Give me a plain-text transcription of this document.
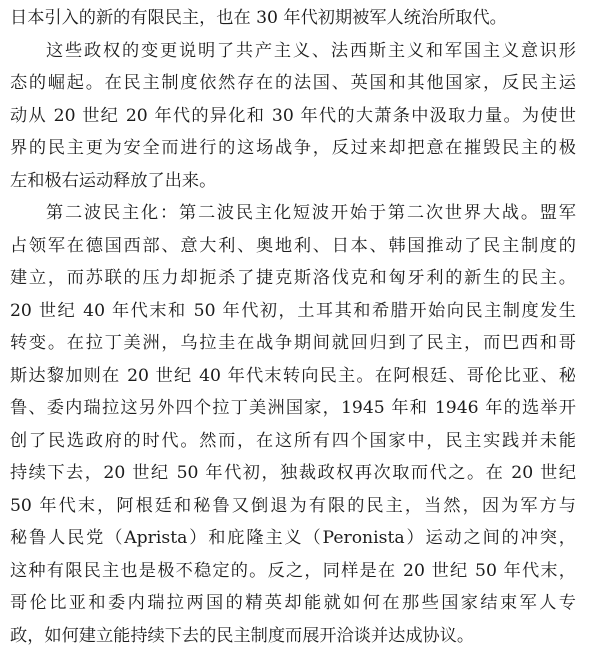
日本引入的新的有限民主，也在 30 年代初期被军人统治所取代。
这些政权的变更说明了共产主义、法西斯主义和军国主义意识形
态的崛起。在民主制度依然存在的法国、英国和其他国家，反民主运
动从 20 世纪 20 年代的异化和 30 年代的大萧条中汲取力量。为使世
界的民主更为安全而进行的这场战争，反过来却把意在摧毁民主的极
左和极右运动释放了出来。
第二波民主化：第二波民主化短波开始于第二次世界大战。盟军
占领军在德国西部、意大利、奥地利、日本、韩国推动了民主制度的
建立，而苏联的压力却扼杀了捷克斯洛伐克和匈牙利的新生的民主。
20 世纪 40 年代末和 50 年代初，土耳其和希腊开始向民主制度发生
转变。在拉丁美洲，乌拉圭在战争期间就回归到了民主，而巴西和哥
斯达黎加则在 20 世纪 40 年代末转向民主。在阿根廷、哥伦比亚、秘
鲁、委内瑞拉这另外四个拉丁美洲国家，1945 年和 1946 年的选举开
创了民选政府的时代。然而，在这所有四个国家中，民主实践并未能
持续下去，20 世纪 50 年代初，独裁政权再次取而代之。在 20 世纪
50 年代末，阿根廷和秘鲁又倒退为有限的民主，当然，因为军方与
秘鲁人民党（Aprista）和庇隆主义（Peronista）运动之间的冲突，
这种有限民主也是极不稳定的。反之，同样是在 20 世纪 50 年代末，
哥伦比亚和委内瑞拉两国的精英却能就如何在那些国家结束军人专
政，如何建立能持续下去的民主制度而展开洽谈并达成协议。
